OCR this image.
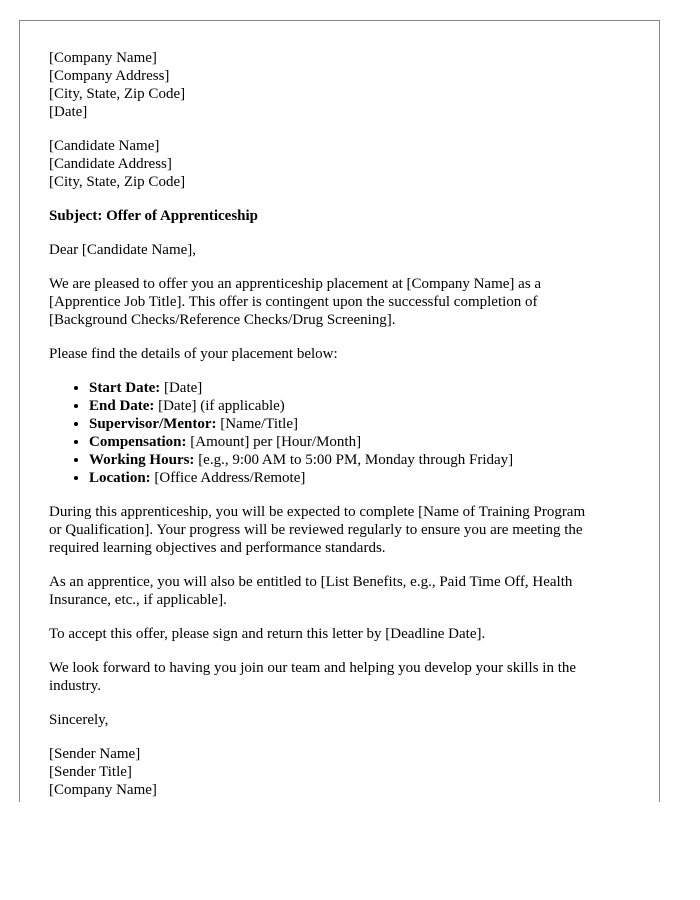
[Company Name]
[Company Address]
[City, State, Zip Code]
[Date]

[Candidate Name]
[Candidate Address]
[City, State, Zip Code]

Subject: Offer of Apprenticeship

Dear [Candidate Name],

We are pleased to offer you an apprenticeship placement at [Company Name] as a
[Apprentice Job Title]. This offer is contingent upon the successful completion of
[Background Checks/Reference Checks/Drug Screening].

Please find the details of your placement below:

• Start Date: [Date]
• End Date: [Date] (if applicable)
• Supervisor/Mentor: [Name/Title]
• Compensation: [Amount] per [Hour/Month]
• Working Hours: [e.g., 9:00 AM to 5:00 PM, Monday through Friday]
• Location: [Office Address/Remote]

During this apprenticeship, you will be expected to complete [Name of Training Program
or Qualification]. Your progress will be reviewed regularly to ensure you are meeting the
required learning objectives and performance standards.

As an apprentice, you will also be entitled to [List Benefits, e.g., Paid Time Off, Health
Insurance, etc., if applicable].

To accept this offer, please sign and return this letter by [Deadline Date].

We look forward to having you join our team and helping you develop your skills in the
industry.

Sincerely,

[Sender Name]
[Sender Title]
[Company Name]
